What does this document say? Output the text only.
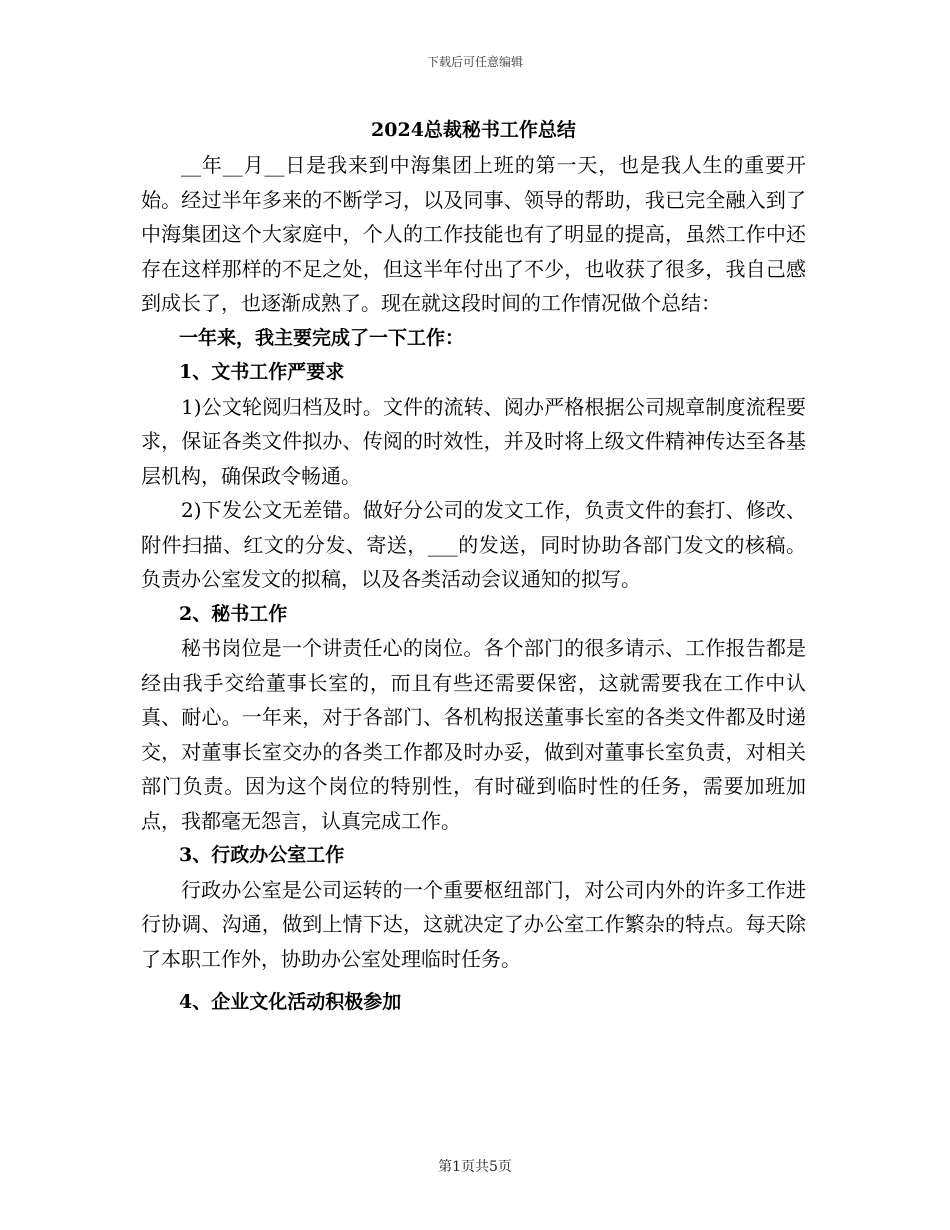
下载后可任意编辑
2024总裁秘书工作总结

__年__月__日是我来到中海集团上班的第一天，也是我人生的重要开始。经过半年多来的不断学习，以及同事、领导的帮助，我已完全融入到了中海集团这个大家庭中，个人的工作技能也有了明显的提高，虽然工作中还存在这样那样的不足之处，但这半年付出了不少，也收获了很多，我自己感到成长了，也逐渐成熟了。现在就这段时间的工作情况做个总结：

一年来，我主要完成了一下工作：

1、文书工作严要求

1)公文轮阅归档及时。文件的流转、阅办严格根据公司规章制度流程要求，保证各类文件拟办、传阅的时效性，并及时将上级文件精神传达至各基层机构，确保政令畅通。

2)下发公文无差错。做好分公司的发文工作，负责文件的套打、修改、附件扫描、红文的分发、寄送，___的发送，同时协助各部门发文的核稿。负责办公室发文的拟稿，以及各类活动会议通知的拟写。

2、秘书工作

秘书岗位是一个讲责任心的岗位。各个部门的很多请示、工作报告都是经由我手交给董事长室的，而且有些还需要保密，这就需要我在工作中认真、耐心。一年来，对于各部门、各机构报送董事长室的各类文件都及时递交，对董事长室交办的各类工作都及时办妥，做到对董事长室负责，对相关部门负责。因为这个岗位的特别性，有时碰到临时性的任务，需要加班加点，我都毫无怨言，认真完成工作。

3、行政办公室工作

行政办公室是公司运转的一个重要枢纽部门，对公司内外的许多工作进行协调、沟通，做到上情下达，这就决定了办公室工作繁杂的特点。每天除了本职工作外，协助办公室处理临时任务。

4、企业文化活动积极参加

第1页共5页
